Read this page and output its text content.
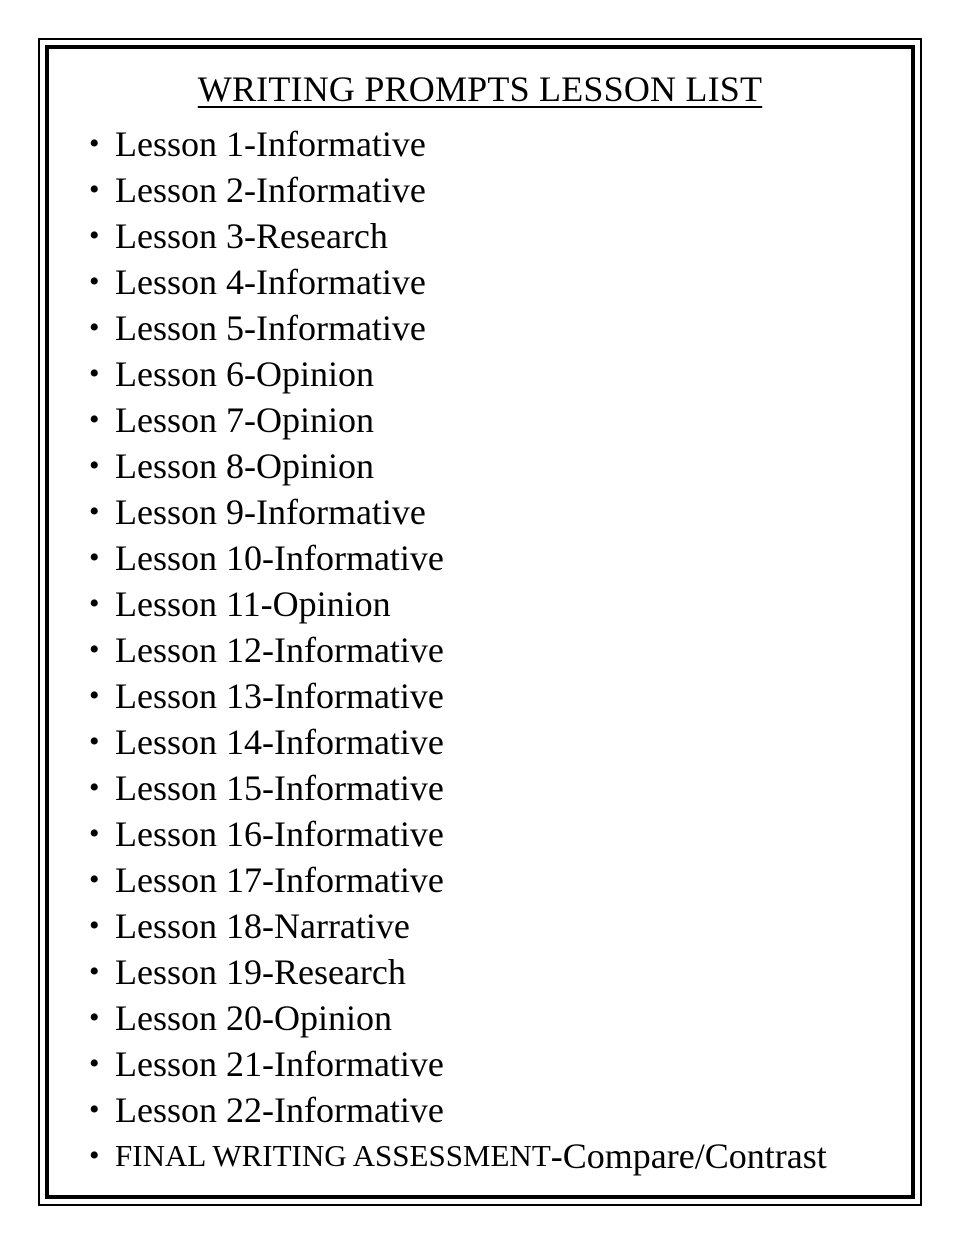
WRITING PROMPTS LESSON LIST
• Lesson 1-Informative
• Lesson 2-Informative
• Lesson 3-Research
• Lesson 4-Informative
• Lesson 5-Informative
• Lesson 6-Opinion
• Lesson 7-Opinion
• Lesson 8-Opinion
• Lesson 9-Informative
• Lesson 10-Informative
• Lesson 11-Opinion
• Lesson 12-Informative
• Lesson 13-Informative
• Lesson 14-Informative
• Lesson 15-Informative
• Lesson 16-Informative
• Lesson 17-Informative
• Lesson 18-Narrative
• Lesson 19-Research
• Lesson 20-Opinion
• Lesson 21-Informative
• Lesson 22-Informative
• FINAL WRITING ASSESSMENT -Compare/Contrast
